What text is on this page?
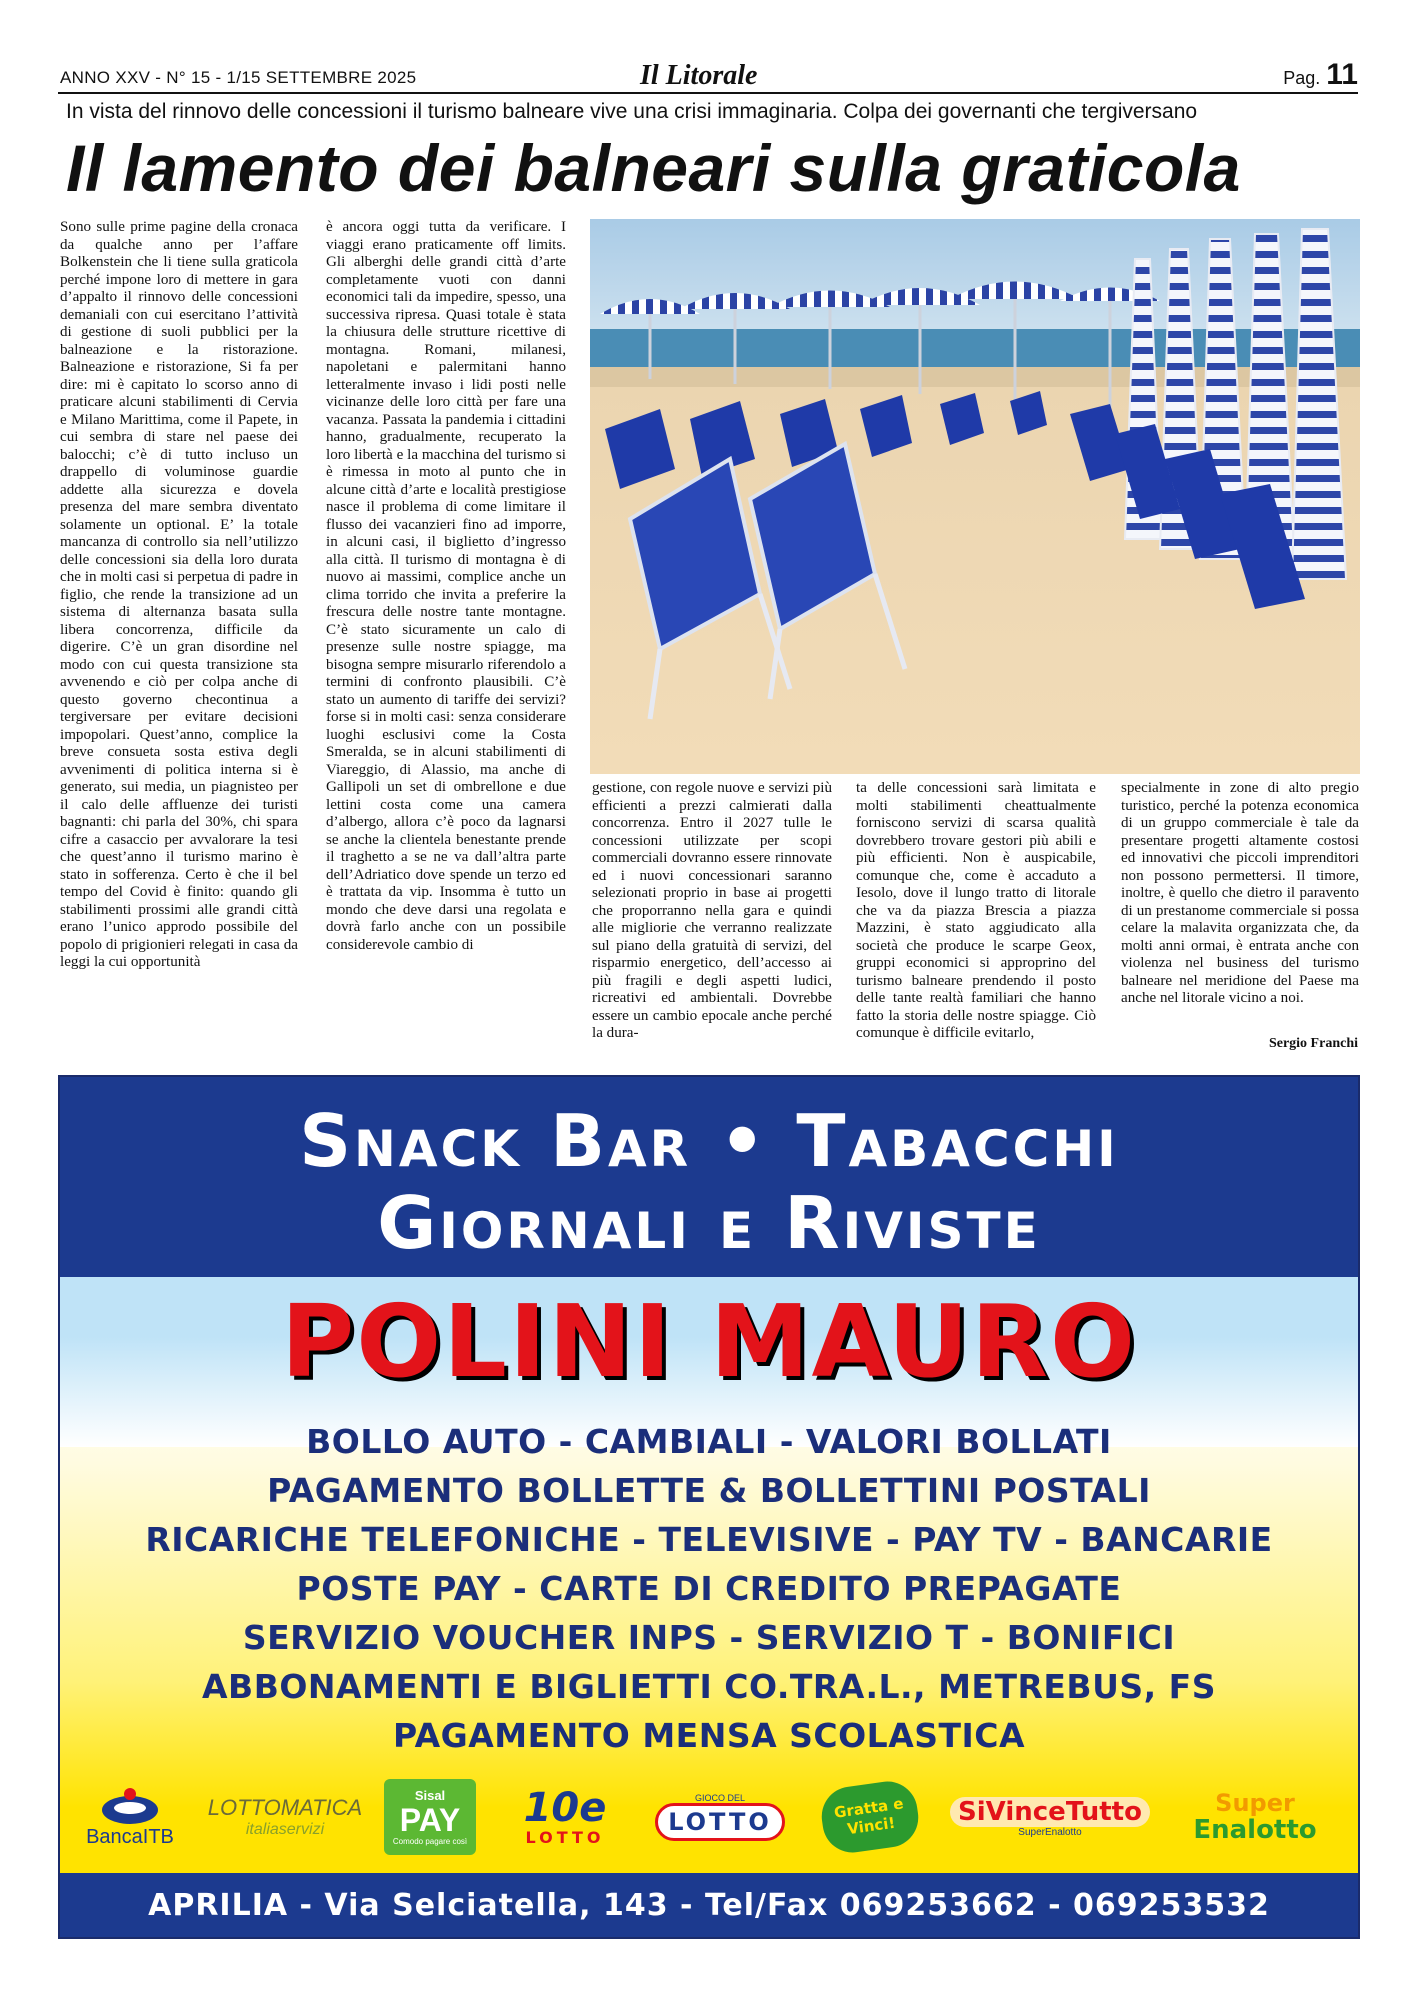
ANNO XXV - N° 15 - 1/15 SETTEMBRE 2025	Il Litorale	Pag. 11
In vista del rinnovo delle concessioni il turismo balneare vive una crisi immaginaria. Colpa dei governanti che tergiversano
Il lamento dei balneari sulla graticola

Sono sulle prime pagine della cronaca da qualche anno per l’affare Bolkenstein che li tiene sulla graticola perché impone loro di mettere in gara d’appalto il rinnovo delle concessioni demaniali con cui esercitano l’attività di gestione di suoli pubblici per la balneazione e la ristorazione. Balneazione e ristorazione, Si fa per dire: mi è capitato lo scorso anno di praticare alcuni stabilimenti di Cervia e Milano Marittima, come il Papete, in cui sembra di stare nel paese dei balocchi; c’è di tutto incluso un drappello di voluminose guardie addette alla sicurezza e dovela presenza del mare sembra diventato solamente un optional. E’ la totale mancanza di controllo sia nell’utilizzo delle concessioni sia della loro durata che in molti casi si perpetua di padre in figlio, che rende la transizione ad un sistema di alternanza basata sulla libera concorrenza, difficile da digerire. C’è un gran disordine nel modo con cui questa transizione sta avvenendo e ciò per colpa anche di questo governo checontinua a tergiversare per evitare decisioni impopolari. Quest’anno, complice la breve consueta sosta estiva degli avvenimenti di politica interna si è generato, sui media, un piagnisteo per il calo delle affluenze dei turisti bagnanti: chi parla del 30%, chi spara cifre a casaccio per avvalorare la tesi che quest’anno il turismo marino è stato in sofferenza. Certo è che il bel tempo del Covid è finito: quando gli stabilimenti prossimi alle grandi città erano l’unico approdo possibile del popolo di prigionieri relegati in casa da leggi la cui opportunità

è ancora oggi tutta da verificare. I viaggi erano praticamente off limits. Gli alberghi delle grandi città d’arte completamente vuoti con danni economici tali da impedire, spesso, una successiva ripresa. Quasi totale è stata la chiusura delle strutture ricettive di montagna. Romani, milanesi, napoletani e palermitani hanno letteralmente invaso i lidi posti nelle vicinanze delle loro città per fare una vacanza. Passata la pandemia i cittadini hanno, gradualmente, recuperato la loro libertà e la macchina del turismo si è rimessa in moto al punto che in alcune città d’arte e località prestigiose nasce il problema di come limitare il flusso dei vacanzieri fino ad imporre, in alcuni casi, il biglietto d’ingresso alla città. Il turismo di montagna è di nuovo ai massimi, complice anche un clima torrido che invita a preferire la frescura delle nostre tante montagne. C’è stato sicuramente un calo di presenze sulle nostre spiagge, ma bisogna sempre misurarlo riferendolo a termini di confronto plausibili. C’è stato un aumento di tariffe dei servizi? forse si in molti casi: senza considerare luoghi esclusivi come la Costa Smeralda, se in alcuni stabilimenti di Viareggio, di Alassio, ma anche di Gallipoli un set di ombrellone e due lettini costa come una camera d’albergo, allora c’è poco da lagnarsi se anche la clientela benestante prende il traghetto a se ne va dall’altra parte dell’Adriatico dove spende un terzo ed è trattata da vip. Insomma è tutto un mondo che deve darsi una regolata e dovrà farlo anche con un possibile considerevole cambio di

gestione, con regole nuove e servizi più efficienti a prezzi calmierati dalla concorrenza. Entro il 2027 tulle le concessioni utilizzate per scopi commerciali dovranno essere rinnovate ed i nuovi concessionari saranno selezionati proprio in base ai progetti che proporranno nella gara e quindi alle migliorie che verranno realizzate sul piano della gratuità di servizi, del risparmio energetico, dell’accesso ai più fragili e degli aspetti ludici, ricreativi ed ambientali. Dovrebbe essere un cambio epocale anche perché la dura-

ta delle concessioni sarà limitata e molti stabilimenti cheattualmente forniscono servizi di scarsa qualità dovrebbero trovare gestori più abili e più efficienti. Non è auspicabile, comunque che, come è accaduto a Iesolo, dove il lungo tratto di litorale che va da piazza Brescia a piazza Mazzini, è stato aggiudicato alla società che produce le scarpe Geox, gruppi economici si approprino del turismo balneare prendendo il posto delle tante realtà familiari che hanno fatto la storia delle nostre spiagge. Ciò comunque è difficile evitarlo,

specialmente in zone di alto pregio turistico, perché la potenza economica di un gruppo commerciale è tale da presentare progetti altamente costosi ed innovativi che piccoli imprenditori non possono permettersi. Il timore, inoltre, è quello che dietro il paravento di un prestanome commerciale si possa celare la malavita organizzata che, da molti anni ormai, è entrata anche con violenza nel business del turismo balneare nel meridione del Paese ma anche nel litorale vicino a noi.

Sergio Franchi
Snack Bar • Tabacchi
Giornali e Riviste
POLINI MAURO
BOLLO AUTO - CAMBIALI - VALORI BOLLATI
PAGAMENTO BOLLETTE & BOLLETTINI POSTALI
RICARICHE TELEFONICHE - TELEVISIVE - PAY TV - BANCARIE
POSTE PAY - CARTE DI CREDITO PREPAGATE
SERVIZIO VOUCHER INPS - SERVIZIO T - BONIFICI
ABBONAMENTI E BIGLIETTI CO.TRA.L., METREBUS, FS
PAGAMENTO MENSA SCOLASTICA
BancaITB
LOTTOMATICA
italiaservizi
Sisal
PAY
Comodo pagare così
10e
LOTTO
GIOCO DEL
LOTTO	Gratta e Vinci!	SiVinceTutto
SuperEnalotto
Super
Enalotto
APRILIA - Via Selciatella, 143 - Tel/Fax 069253662 - 069253532
